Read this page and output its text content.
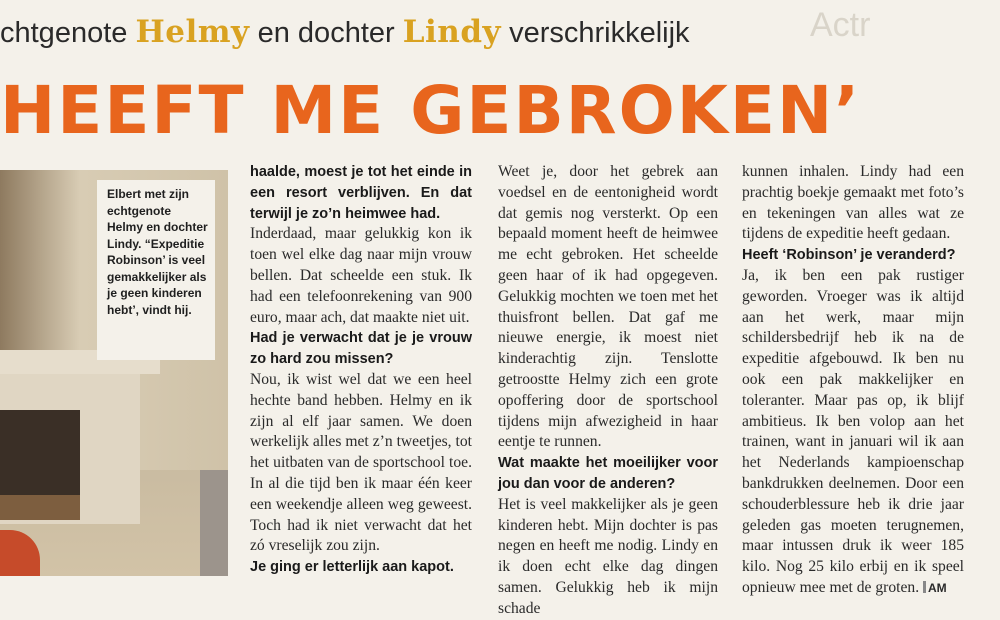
Actr
chtgenote Helmy en dochter Lindy verschrikkelijk
HEEFT ME GEBROKEN’
Elbert met zijn echtgenote Helmy en dochter Lindy. “Expeditie Robinson’ is veel gemakkelijker als je geen kinderen hebt’, vindt hij.

haalde, moest je tot het einde in een resort verblijven. En dat terwijl je zo’n heimwee had.

Inderdaad, maar gelukkig kon ik toen wel elke dag naar mijn vrouw bellen. Dat scheelde een stuk. Ik had een telefoonrekening van 900 euro, maar ach, dat maakte niet uit.

Had je verwacht dat je je vrouw zo hard zou missen?

Nou, ik wist wel dat we een heel hechte band hebben. Helmy en ik zijn al elf jaar samen. We doen werkelijk alles met z’n tweetjes, tot het uitbaten van de sportschool toe. In al die tijd ben ik maar één keer een weekendje alleen weg geweest. Toch had ik niet verwacht dat het zó vreselijk zou zijn.

Je ging er letterlijk aan kapot.

Weet je, door het gebrek aan voedsel en de eentonigheid wordt dat gemis nog versterkt. Op een bepaald moment heeft de heimwee me echt gebroken. Het scheelde geen haar of ik had opgegeven. Gelukkig mochten we toen met het thuisfront bellen. Dat gaf me nieuwe energie, ik moest niet kinderachtig zijn. Tenslotte getroostte Helmy zich een grote opoffering door de sportschool tijdens mijn afwezigheid in haar eentje te runnen.

Wat maakte het moeilijker voor jou dan voor de anderen?

Het is veel makkelijker als je geen kinderen hebt. Mijn dochter is pas negen en heeft me nodig. Lindy en ik doen echt elke dag dingen samen. Gelukkig heb ik mijn schade

kunnen inhalen. Lindy had een prachtig boekje gemaakt met foto’s en tekeningen van alles wat ze tijdens de expeditie heeft gedaan.

Heeft ‘Robinson’ je veranderd?

Ja, ik ben een pak rustiger geworden. Vroeger was ik altijd aan het werk, maar mijn schildersbedrijf heb ik na de expeditie afgebouwd. Ik ben nu ook een pak makkelijker en toleranter. Maar pas op, ik blijf ambitieus. Ik ben volop aan het trainen, want in januari wil ik aan het Nederlands kampioenschap bankdrukken deelnemen. Door een schouderblessure heb ik drie jaar geleden gas moeten terugnemen, maar intussen druk ik weer 185 kilo. Nog 25 kilo erbij en ik speel opnieuw mee met de groten. AM
